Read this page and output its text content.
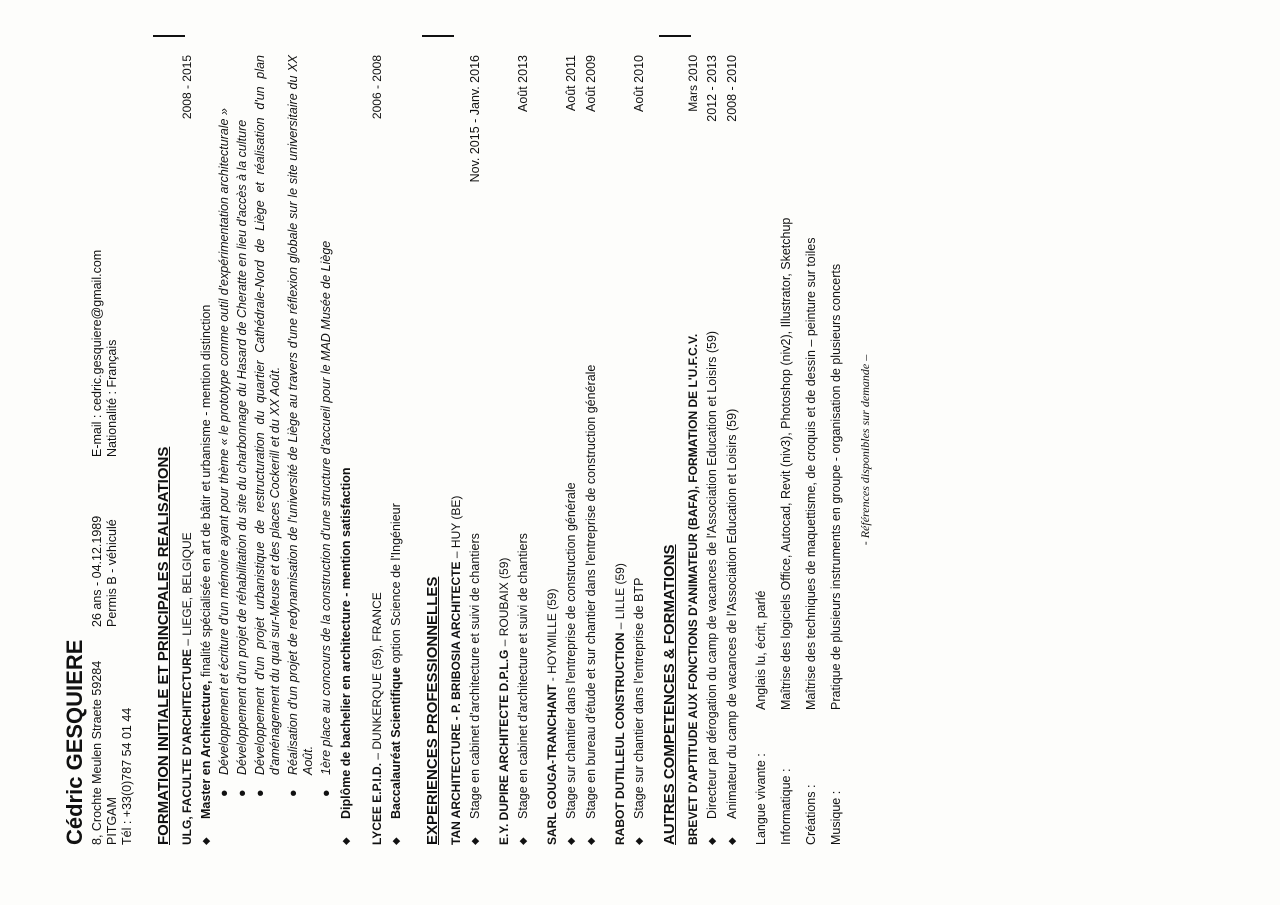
Cédric GESQUIERE 8, Crochte Meulen Straete 59284 PITGAM Tél : +33(0)787 54 01 44
26 ans - 04.12.1989 Permis B - véhiculé
E-mail : cedric.gesquiere@gmail.com Nationalité : Français
FORMATION INITIALE ET PRINCIPALES REALISATIONS ULG, FACULTE D'ARCHITECTURE – LIEGE, BELGIQUE
2008 - 2015
◆
Master en Architecture, finalité spécialisée en art de bâtir et urbanisme - mention distinction
●
Développement et écriture d'un mémoire ayant pour thème « le prototype comme outil d'expérimentation architecturale »
●
Développement d'un projet de réhabilitation du site du charbonnage du Hasard de Cheratte en lieu d'accès à la culture
●
Développement d'un projet urbanistique de restructuration du quartier Cathédrale-Nord de Liège et réalisation d'un plan d'aménagement du quai sur-Meuse et des places Cockerill et du XX Août.
●
Réalisation d'un projet de redynamisation de l'université de Liège au travers d'une réflexion globale sur le site universitaire du XX Août.
●
1ère place au concours de la construction d'une structure d'accueil pour le MAD Musée de Liège
◆
Diplôme de bachelier en architecture - mention satisfaction LYCEE E.P.I.D. – DUNKERQUE (59), FRANCE
2006 - 2008
◆
Baccalauréat Scientifique option Science de l'Ingénieur EXPERIENCES PROFESSIONNELLES TAN ARCHITECTURE - P. BRIBOSIA ARCHITECTE – HUY (BE)
◆
Stage en cabinet d'architecture et suivi de chantiers
Nov. 2015 - Janv. 2016
E.Y. DUPIRE ARCHITECTE D.P.L.G – ROUBAIX (59)
◆
Stage en cabinet d'architecture et suivi de chantiers
Août 2013
SARL GOUGA-TRANCHANT - HOYMILLE (59)
◆
Stage sur chantier dans l'entreprise de construction générale
Août 2011
◆
Stage en bureau d'étude et sur chantier dans l'entreprise de construction générale
Août 2009
RABOT DUTILLEUL CONSTRUCTION – LILLE (59)
◆
Stage sur chantier dans l'entreprise de BTP
Août 2010
AUTRES COMPETENCES & FORMATIONS BREVET D'APTITUDE AUX FONCTIONS D'ANIMATEUR (BAFA), FORMATION DE L'U.F.C.V.
Mars 2010
◆
Directeur par dérogation du camp de vacances de l'Association Education et Loisirs (59)
2012 - 2013
◆
Animateur du camp de vacances de l'Association Education et Loisirs (59)
2008 - 2010
Langue vivante :
Anglais lu, écrit, parlé
Informatique :
Maîtrise des logiciels Office, Autocad, Revit (niv3), Photoshop (niv2), Illustrator, Sketchup
Créations :
Maîtrise des techniques de maquettisme, de croquis et de dessin – peinture sur toiles
Musique :
Pratique de plusieurs instruments en groupe - organisation de plusieurs concerts - Références disponibles sur demande –
